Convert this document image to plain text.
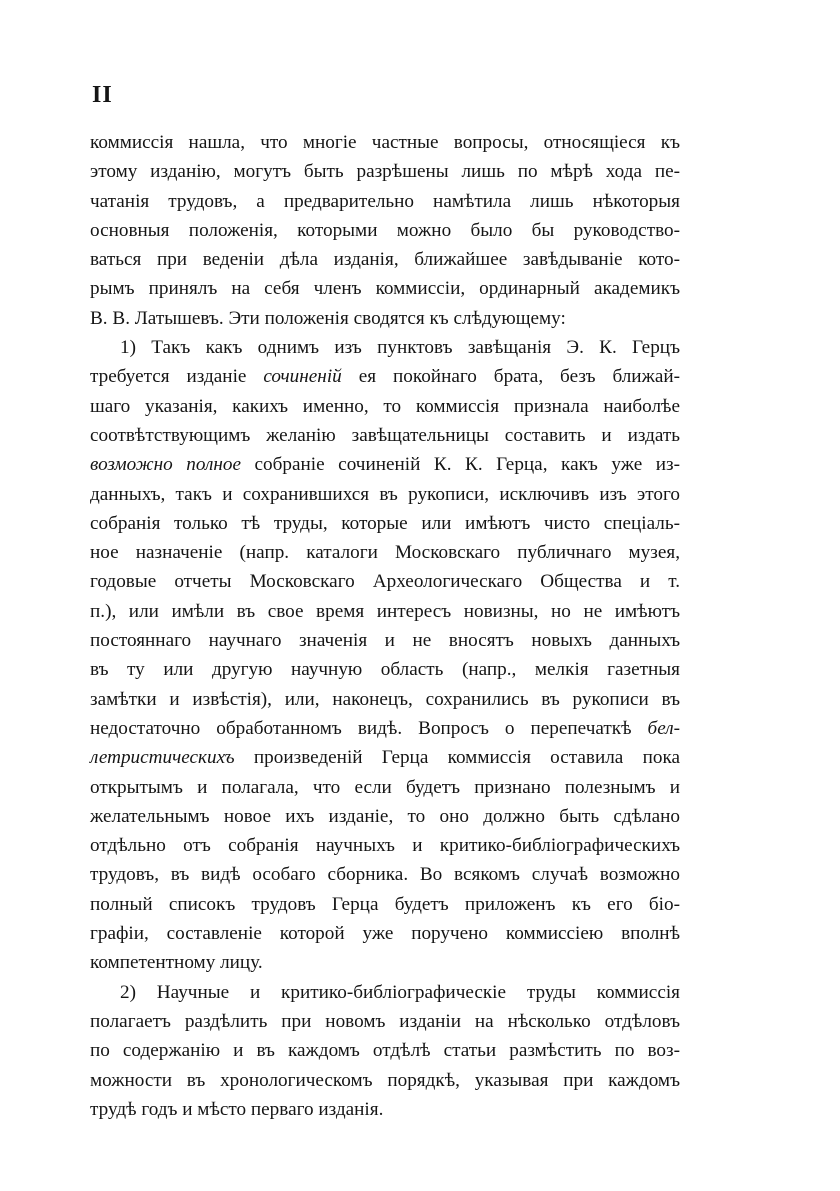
II
коммиссія нашла, что многіе частные вопросы, относящіеся къ
этому изданію, могутъ быть разрѣшены лишь по мѣрѣ хода пе-
чатанія трудовъ, а предварительно намѣтила лишь нѣкоторыя
основныя положенія, которыми можно было бы руководство-
ваться при веденіи дѣла изданія, ближайшее завѣдываніе кото-
рымъ принялъ на себя членъ коммиссіи, ординарный академикъ
В. В. Латышевъ. Эти положенія сводятся къ слѣдующему:
1) Такъ какъ однимъ изъ пунктовъ завѣщанія Э. К. Герцъ
требуется изданіе сочиненій ея покойнаго брата, безъ ближай-
шаго указанія, какихъ именно, то коммиссія признала наиболѣе
соотвѣтствующимъ желанію завѣщательницы составить и издать
возможно полное собраніе сочиненій К. К. Герца, какъ уже из-
данныхъ, такъ и сохранившихся въ рукописи, исключивъ изъ этого
собранія только тѣ труды, которые или имѣютъ чисто спеціаль-
ное назначеніе (напр. каталоги Московскаго публичнаго музея,
годовые отчеты Московскаго Археологическаго Общества и т.
п.), или имѣли въ свое время интересъ новизны, но не имѣютъ
постояннаго научнаго значенія и не вносятъ новыхъ данныхъ
въ ту или другую научную область (напр., мелкія газетныя
замѣтки и извѣстія), или, наконецъ, сохранились въ рукописи въ
недостаточно обработанномъ видѣ. Вопросъ о перепечаткѣ бел-
летристическихъ произведеній Герца коммиссія оставила пока
открытымъ и полагала, что если будетъ признано полезнымъ и
желательнымъ новое ихъ изданіе, то оно должно быть сдѣлано
отдѣльно отъ собранія научныхъ и критико-библіографическихъ
трудовъ, въ видѣ особаго сборника. Во всякомъ случаѣ возможно
полный списокъ трудовъ Герца будетъ приложенъ къ его біо-
графіи, составленіе которой уже поручено коммиссіею вполнѣ
компетентному лицу.
2) Научные и критико-библіографическіе труды коммиссія
полагаетъ раздѣлить при новомъ изданіи на нѣсколько отдѣловъ
по содержанію и въ каждомъ отдѣлѣ статьи размѣстить по воз-
можности въ хронологическомъ порядкѣ, указывая при каждомъ
трудѣ годъ и мѣсто перваго изданія.
